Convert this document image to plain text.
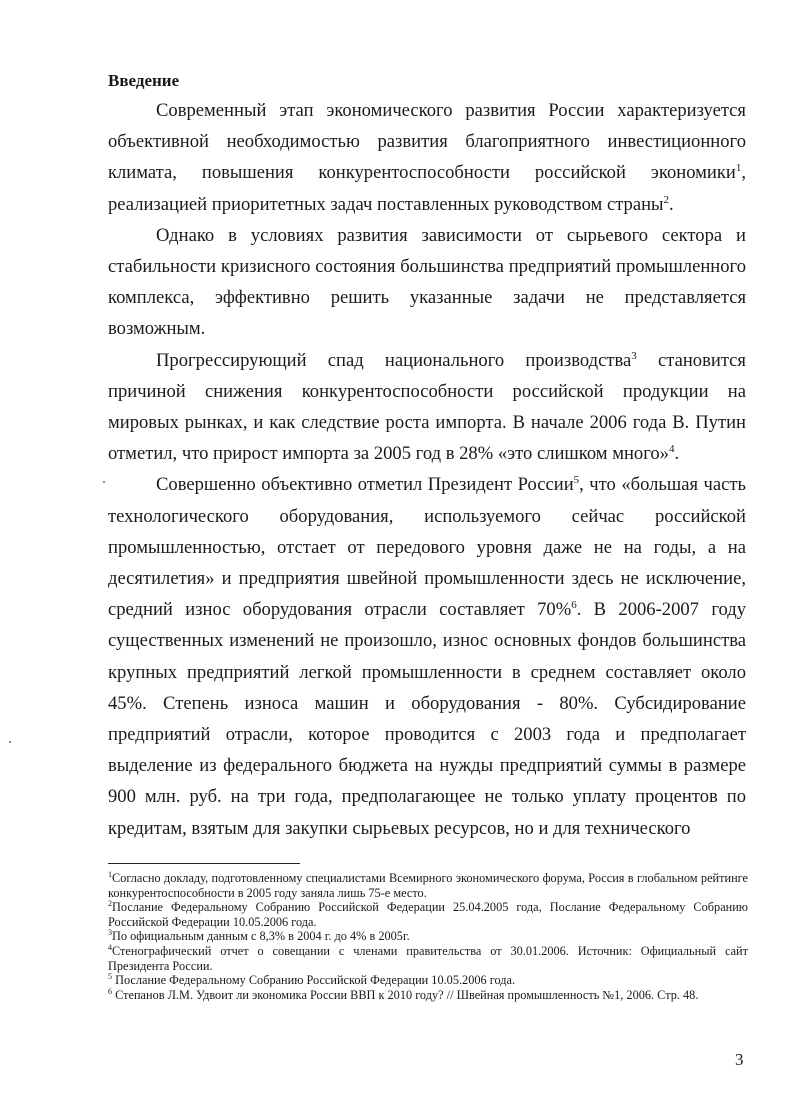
Введение

Современный этап экономического развития России характеризуется объективной необходимостью развития благоприятного инвестиционного климата, повышения конкурентоспособности российской экономики$^1$, реализацией приоритетных задач поставленных руководством страны$^2$.

Однако в условиях развития зависимости от сырьевого сектора и стабильности кризисного состояния большинства предприятий промышленного комплекса, эффективно решить указанные задачи не представляется возможным.

Прогрессирующий спад национального производства$^3$ становится причиной снижения конкурентоспособности российской продукции на мировых рынках, и как следствие роста импорта. В начале 2006 года В. Путин отметил, что прирост импорта за 2005 год в 28% «это слишком много»$^4$.

Совершенно объективно отметил Президент России$^5$, что «большая часть технологического оборудования, используемого сейчас российской промышленностью, отстает от передового уровня даже не на годы, а на десятилетия» и предприятия швейной промышленности здесь не исключение, средний износ оборудования отрасли составляет 70%$^6$. В 2006-2007 году существенных изменений не произошло, износ основных фондов большинства крупных предприятий легкой промышленности в среднем составляет около 45%. Степень износа машин и оборудования - 80%. Субсидирование предприятий отрасли, которое проводится с 2003 года и предполагает выделение из федерального бюджета на нужды предприятий суммы в размере 900 млн. руб. на три года, предполагающее не только уплату процентов по кредитам, взятым для закупки сырьевых ресурсов, но и для технического

$^1$Согласно докладу, подготовленному специалистами Всемирного экономического форума, Россия в глобальном рейтинге конкурентоспособности в 2005 году заняла лишь 75-е место.

$^2$Послание Федеральному Собранию Российской Федерации 25.04.2005 года, Послание Федеральному Собранию Российской Федерации 10.05.2006 года.

$^3$По официальным данным с 8,3% в 2004 г. до 4% в 2005г.

$^4$Стенографический отчет о совещании с членами правительства от 30.01.2006. Источник: Официальный сайт Президента России.

$^5$ Послание Федеральному Собранию Российской Федерации 10.05.2006 года.

$^6$ Степанов Л.М. Удвоит ли экономика России ВВП к 2010 году? // Швейная промышленность №1, 2006. Стр. 48.

3
